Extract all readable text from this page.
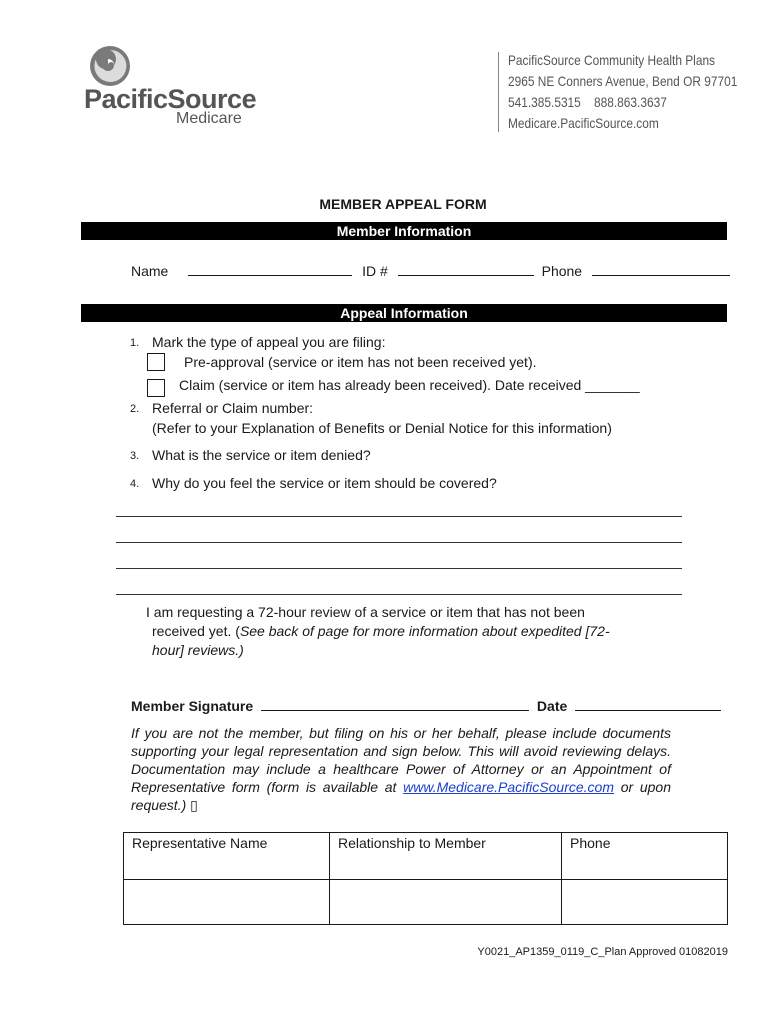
PacificSource
Medicare
PacificSource Community Health Plans
2965 NE Conners Avenue, Bend OR 97701
541.385.5315    888.863.3637
Medicare.PacificSource.com
MEMBER APPEAL FORM
Member Information
Name	ID #	Phone
Appeal Information
1. Mark the type of appeal you are filing:
Pre-approval (service or item has not been received yet).
Claim (service or item has already been received). Date received _______
2. Referral or Claim number:
(Refer to your Explanation of Benefits or Denial Notice for this information)
3. What is the service or item denied?
4. Why do you feel the service or item should be covered?
I am requesting a 72-hour review of a service or item that has not been
received yet. (See back of page for more information about expedited [72-
hour] reviews.)
Member Signature	Date
If you are not the member, but filing on his or her behalf, please include documents supporting your legal representation and sign below. This will avoid reviewing delays. Documentation may include a healthcare Power of Attorney or an Appointment of Representative form (form is available at www.Medicare.PacificSource.com or upon request.) ▯
Representative Name	Relationship to Member	Phone

Y0021_AP1359_0119_C_Plan Approved 01082019
